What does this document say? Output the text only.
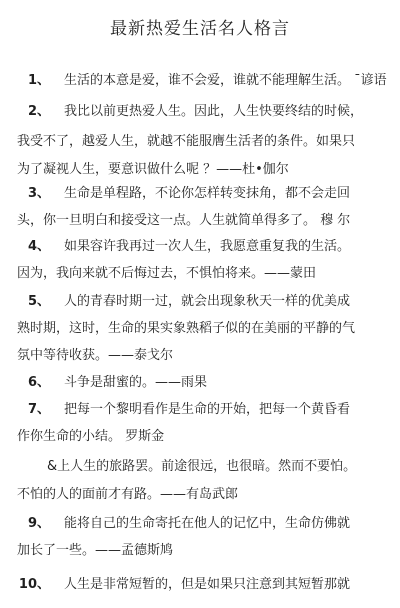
最新热爱生活名人格言
1、 生活的本意是爱，谁不会爱，谁就不能理解生活。 ¯谚语
2、 我比以前更热爱人生。因此，人生快要终结的时候，
我受不了，越爱人生，就越不能服膺生活者的条件。如果只
为了凝视人生，要意识做什么呢 ？——杜•伽尔
3、 生命是单程路，不论你怎样转变抹角，都不会走回
头，你一旦明白和接受这一点。人生就简单得多了。 穆 尔
4、 如果容许我再过一次人生，我愿意重复我的生活。
因为，我向来就不后悔过去，不惧怕将来。——蒙田
5、 人的青春时期一过，就会出现象秋天一样的优美成
熟时期，这时，生命的果实象熟稻子似的在美丽的平静的气
氛中等待收获。——泰戈尔
6、 斗争是甜蜜的。——雨果
7、 把每一个黎明看作是生命的开始，把每一个黄昏看
作你生命的小结。 罗斯金
&上人生的旅路罢。前途很远，也很暗。然而不要怕。
不怕的人的面前才有路。——有岛武郎
9、 能将自己的生命寄托在他人的记忆中，生命仿佛就
加长了一些。——孟德斯鸠
10、 人生是非常短暂的，但是如果只注意到其短暂那就
